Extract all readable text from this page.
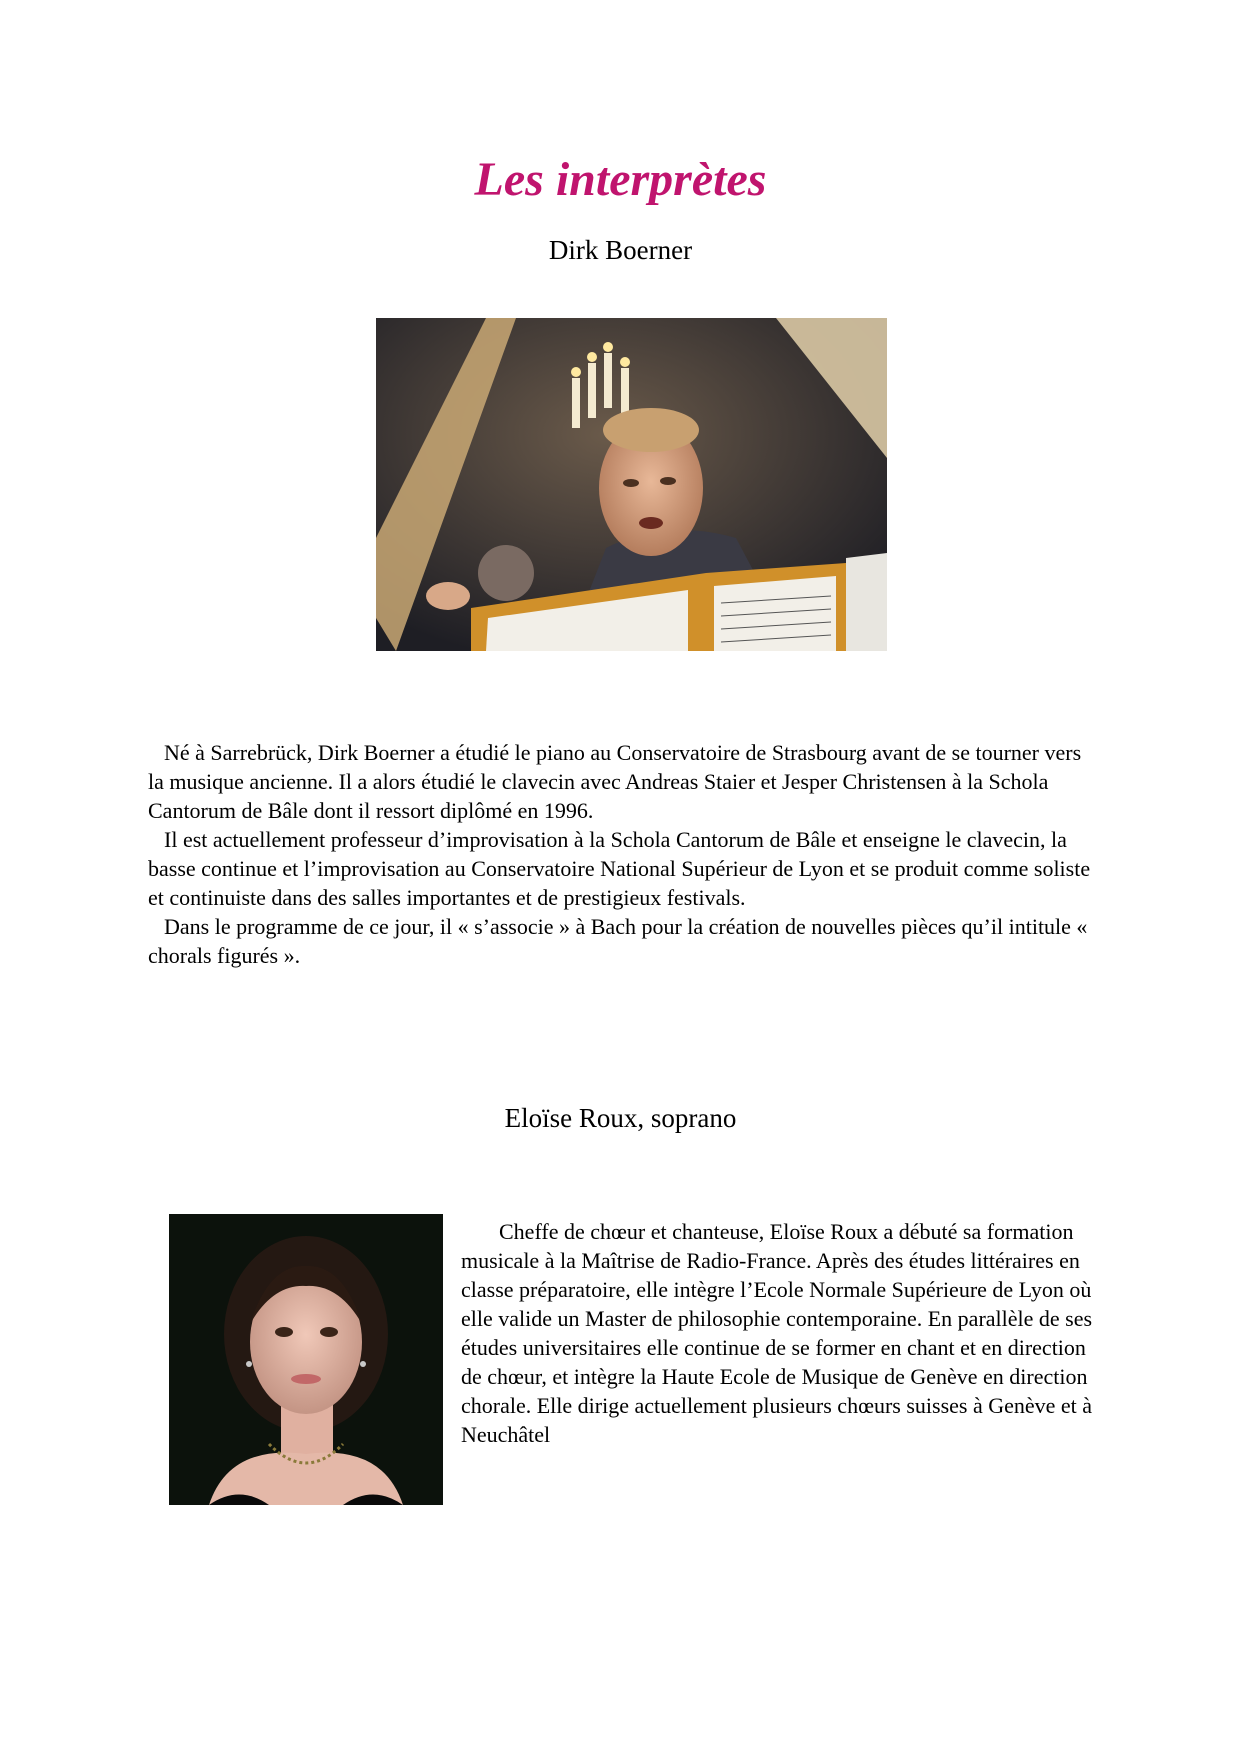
Les interprètes
Dirk Boerner

Né à Sarrebrück, Dirk Boerner a étudié le piano au Conservatoire de Strasbourg avant de se tourner vers la musique ancienne. Il a alors étudié le clavecin avec Andreas Staier et Jesper Christensen à la Schola Cantorum de Bâle dont il ressort diplômé en 1996.

Il est actuellement professeur d’improvisation à la Schola Cantorum de Bâle et enseigne le clavecin, la basse continue et l’improvisation au Conservatoire National Supérieur de Lyon et se produit comme soliste et continuiste dans des salles importantes et de prestigieux festivals.

Dans le programme de ce jour, il « s’associe » à Bach pour la création de nouvelles pièces qu’il intitule « chorals figurés ».

Eloïse Roux, soprano

Cheffe de chœur et chanteuse, Eloïse Roux a débuté sa formation musicale à la Maîtrise de Radio-France. Après des études littéraires en classe préparatoire, elle intègre l’Ecole Normale Supérieure de Lyon où elle valide un Master de philosophie contemporaine. En parallèle de ses études universitaires elle continue de se former en chant et en direction de chœur, et intègre la Haute Ecole de Musique de Genève en direction chorale. Elle dirige actuellement plusieurs chœurs suisses à Genève et à Neuchâtel
